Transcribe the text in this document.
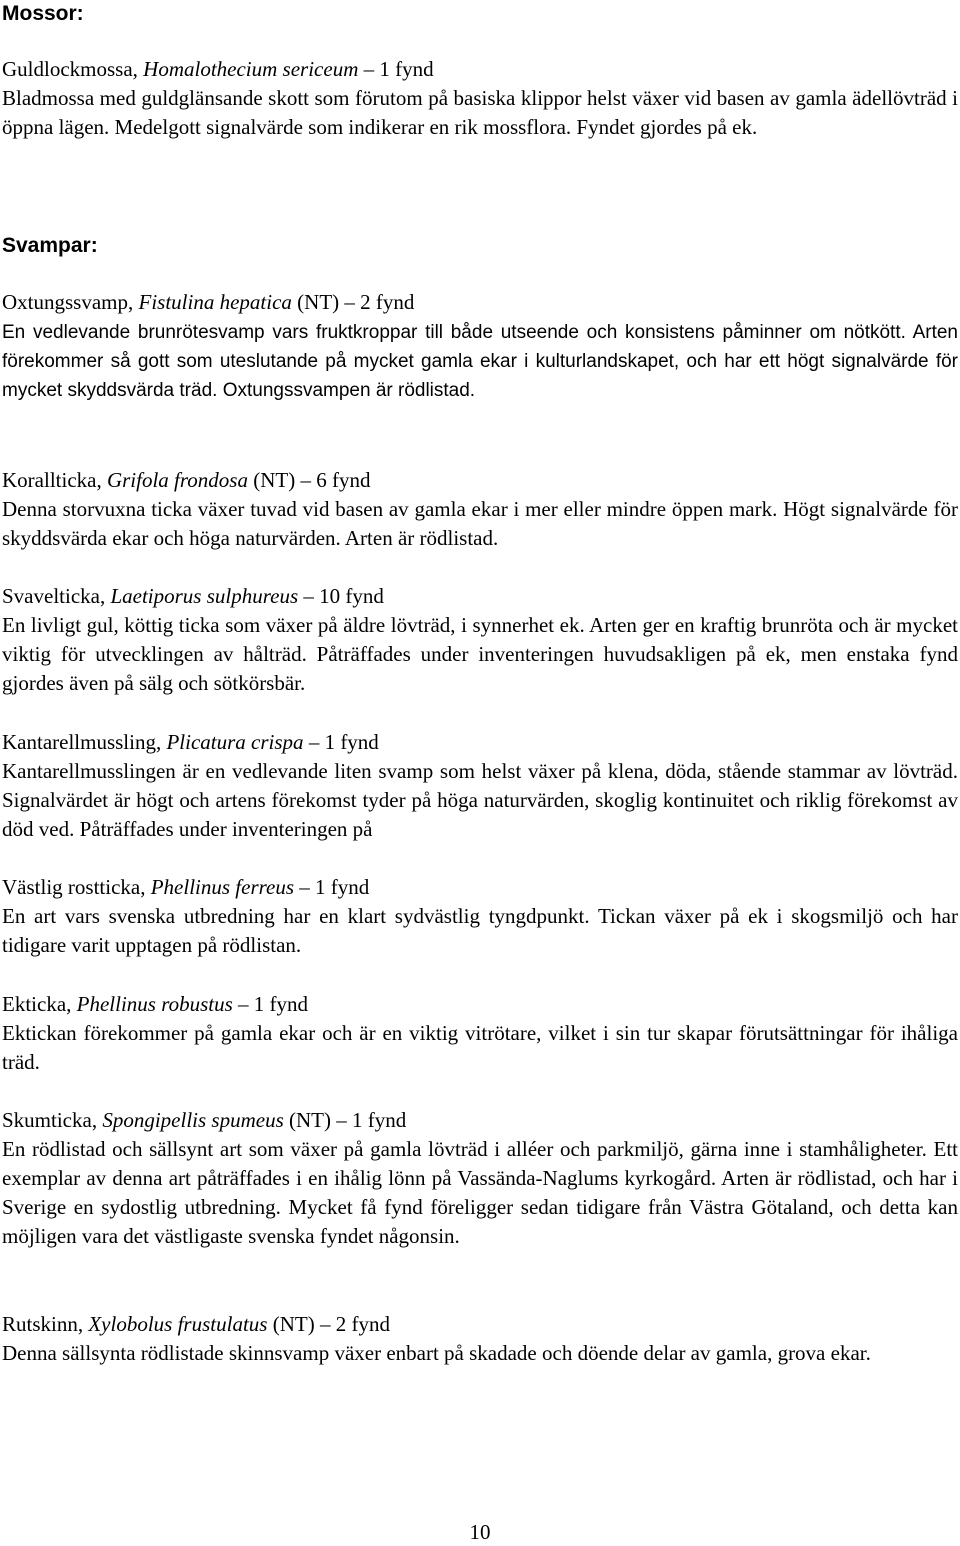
Mossor:

Guldlockmossa, Homalothecium sericeum – 1 fynd

Bladmossa med guldglänsande skott som förutom på basiska klippor helst växer vid basen av gamla ädellövträd i öppna lägen. Medelgott signalvärde som indikerar en rik mossflora. Fyndet gjordes på ek.

Svampar:

Oxtungssvamp, Fistulina hepatica (NT) – 2 fynd

En vedlevande brunrötesvamp vars fruktkroppar till både utseende och konsistens påminner om nötkött. Arten förekommer så gott som uteslutande på mycket gamla ekar i kulturlandskapet, och har ett högt signalvärde för mycket skyddsvärda träd. Oxtungssvampen är rödlistad.

Korallticka, Grifola frondosa (NT) – 6 fynd

Denna storvuxna ticka växer tuvad vid basen av gamla ekar i mer eller mindre öppen mark. Högt signalvärde för skyddsvärda ekar och höga naturvärden. Arten är rödlistad.

Svavelticka, Laetiporus sulphureus – 10 fynd

En livligt gul, köttig ticka som växer på äldre lövträd, i synnerhet ek. Arten ger en kraftig brunröta och är mycket viktig för utvecklingen av hålträd. Påträffades under inventeringen huvudsakligen på ek, men enstaka fynd gjordes även på sälg och sötkörsbär.

Kantarellmussling, Plicatura crispa – 1 fynd

Kantarellmusslingen är en vedlevande liten svamp som helst växer på klena, döda, stående stammar av lövträd. Signalvärdet är högt och artens förekomst tyder på höga naturvärden, skoglig kontinuitet och riklig förekomst av död ved. Påträffades under inventeringen på

Västlig rostticka, Phellinus ferreus – 1 fynd

En art vars svenska utbredning har en klart sydvästlig tyngdpunkt. Tickan växer på ek i skogsmiljö och har tidigare varit upptagen på rödlistan.

Ekticka, Phellinus robustus – 1 fynd

Ektickan förekommer på gamla ekar och är en viktig vitrötare, vilket i sin tur skapar förutsättningar för ihåliga träd.

Skumticka, Spongipellis spumeus (NT) – 1 fynd

En rödlistad och sällsynt art som växer på gamla lövträd i alléer och parkmiljö, gärna inne i stamhåligheter. Ett exemplar av denna art påträffades i en ihålig lönn på Vassända-Naglums kyrkogård. Arten är rödlistad, och har i Sverige en sydostlig utbredning. Mycket få fynd föreligger sedan tidigare från Västra Götaland, och detta kan möjligen vara det västligaste svenska fyndet någonsin.

Rutskinn, Xylobolus frustulatus (NT) – 2 fynd

Denna sällsynta rödlistade skinnsvamp växer enbart på skadade och döende delar av gamla, grova ekar.

10
